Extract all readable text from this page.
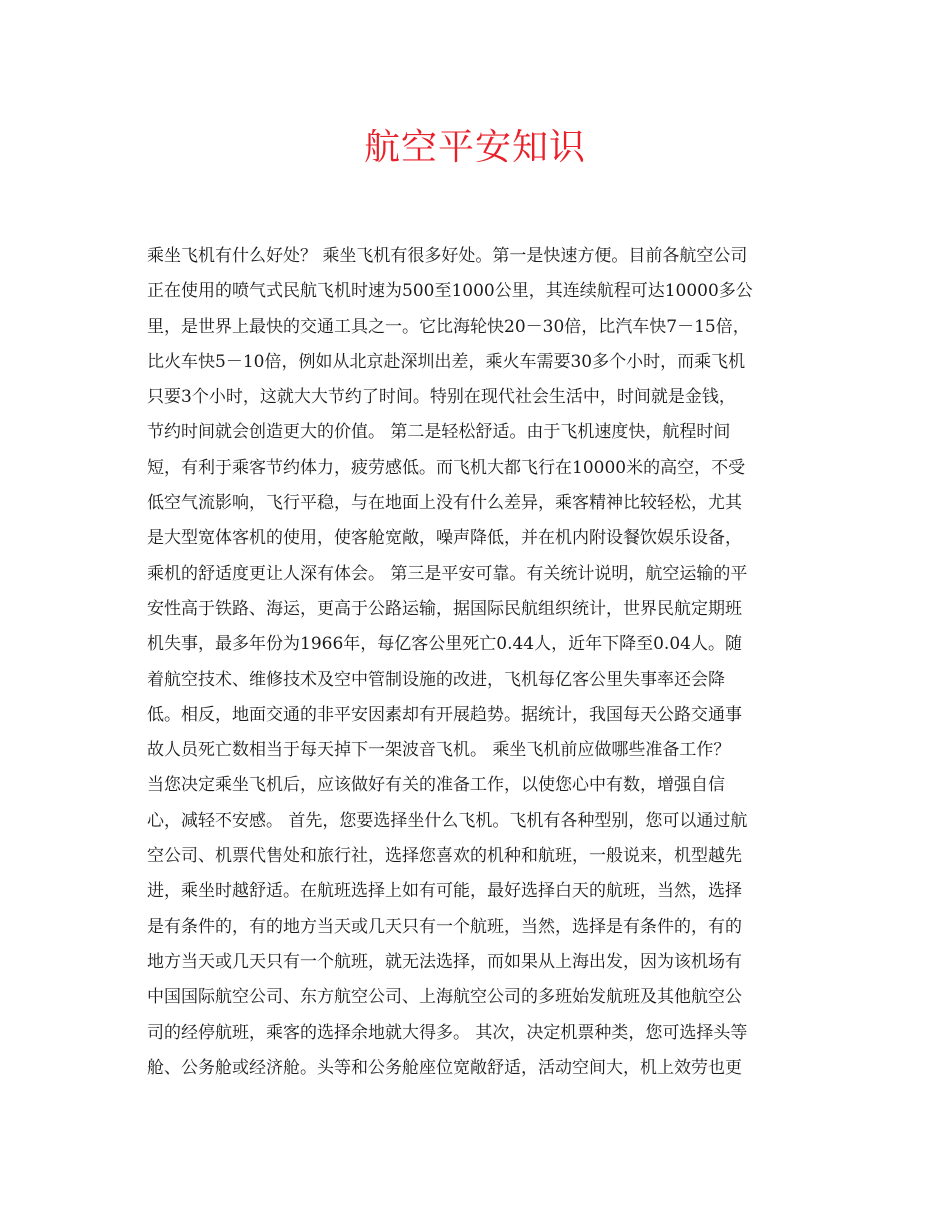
航空平安知识
乘坐飞机有什么好处？ 乘坐飞机有很多好处。第一是快速方便。目前各航空公司
正在使用的喷气式民航飞机时速为500至1000公里，其连续航程可达10000多公
里，是世界上最快的交通工具之一。它比海轮快20－30倍，比汽车快7－15倍，
比火车快5－10倍，例如从北京赴深圳出差，乘火车需要30多个小时，而乘飞机
只要3个小时，这就大大节约了时间。特别在现代社会生活中，时间就是金钱，
节约时间就会创造更大的价值。 第二是轻松舒适。由于飞机速度快，航程时间
短，有利于乘客节约体力，疲劳感低。而飞机大都飞行在10000米的高空，不受
低空气流影响，飞行平稳，与在地面上没有什么差异，乘客精神比较轻松，尤其
是大型宽体客机的使用，使客舱宽敞，噪声降低，并在机内附设餐饮娱乐设备，
乘机的舒适度更让人深有体会。 第三是平安可靠。有关统计说明，航空运输的平
安性高于铁路、海运，更高于公路运输，据国际民航组织统计，世界民航定期班
机失事，最多年份为1966年，每亿客公里死亡0.44人，近年下降至0.04人。随
着航空技术、维修技术及空中管制设施的改进，飞机每亿客公里失事率还会降
低。相反，地面交通的非平安因素却有开展趋势。据统计，我国每天公路交通事
故人员死亡数相当于每天掉下一架波音飞机。 乘坐飞机前应做哪些准备工作？
当您决定乘坐飞机后，应该做好有关的准备工作，以使您心中有数，增强自信
心，减轻不安感。 首先，您要选择坐什么飞机。飞机有各种型别，您可以通过航
空公司、机票代售处和旅行社，选择您喜欢的机种和航班，一般说来，机型越先
进，乘坐时越舒适。在航班选择上如有可能，最好选择白天的航班，当然，选择
是有条件的，有的地方当天或几天只有一个航班，当然，选择是有条件的，有的
地方当天或几天只有一个航班，就无法选择，而如果从上海出发，因为该机场有
中国国际航空公司、东方航空公司、上海航空公司的多班始发航班及其他航空公
司的经停航班，乘客的选择余地就大得多。 其次，决定机票种类，您可选择头等
舱、公务舱或经济舱。头等和公务舱座位宽敞舒适，活动空间大，机上效劳也更
